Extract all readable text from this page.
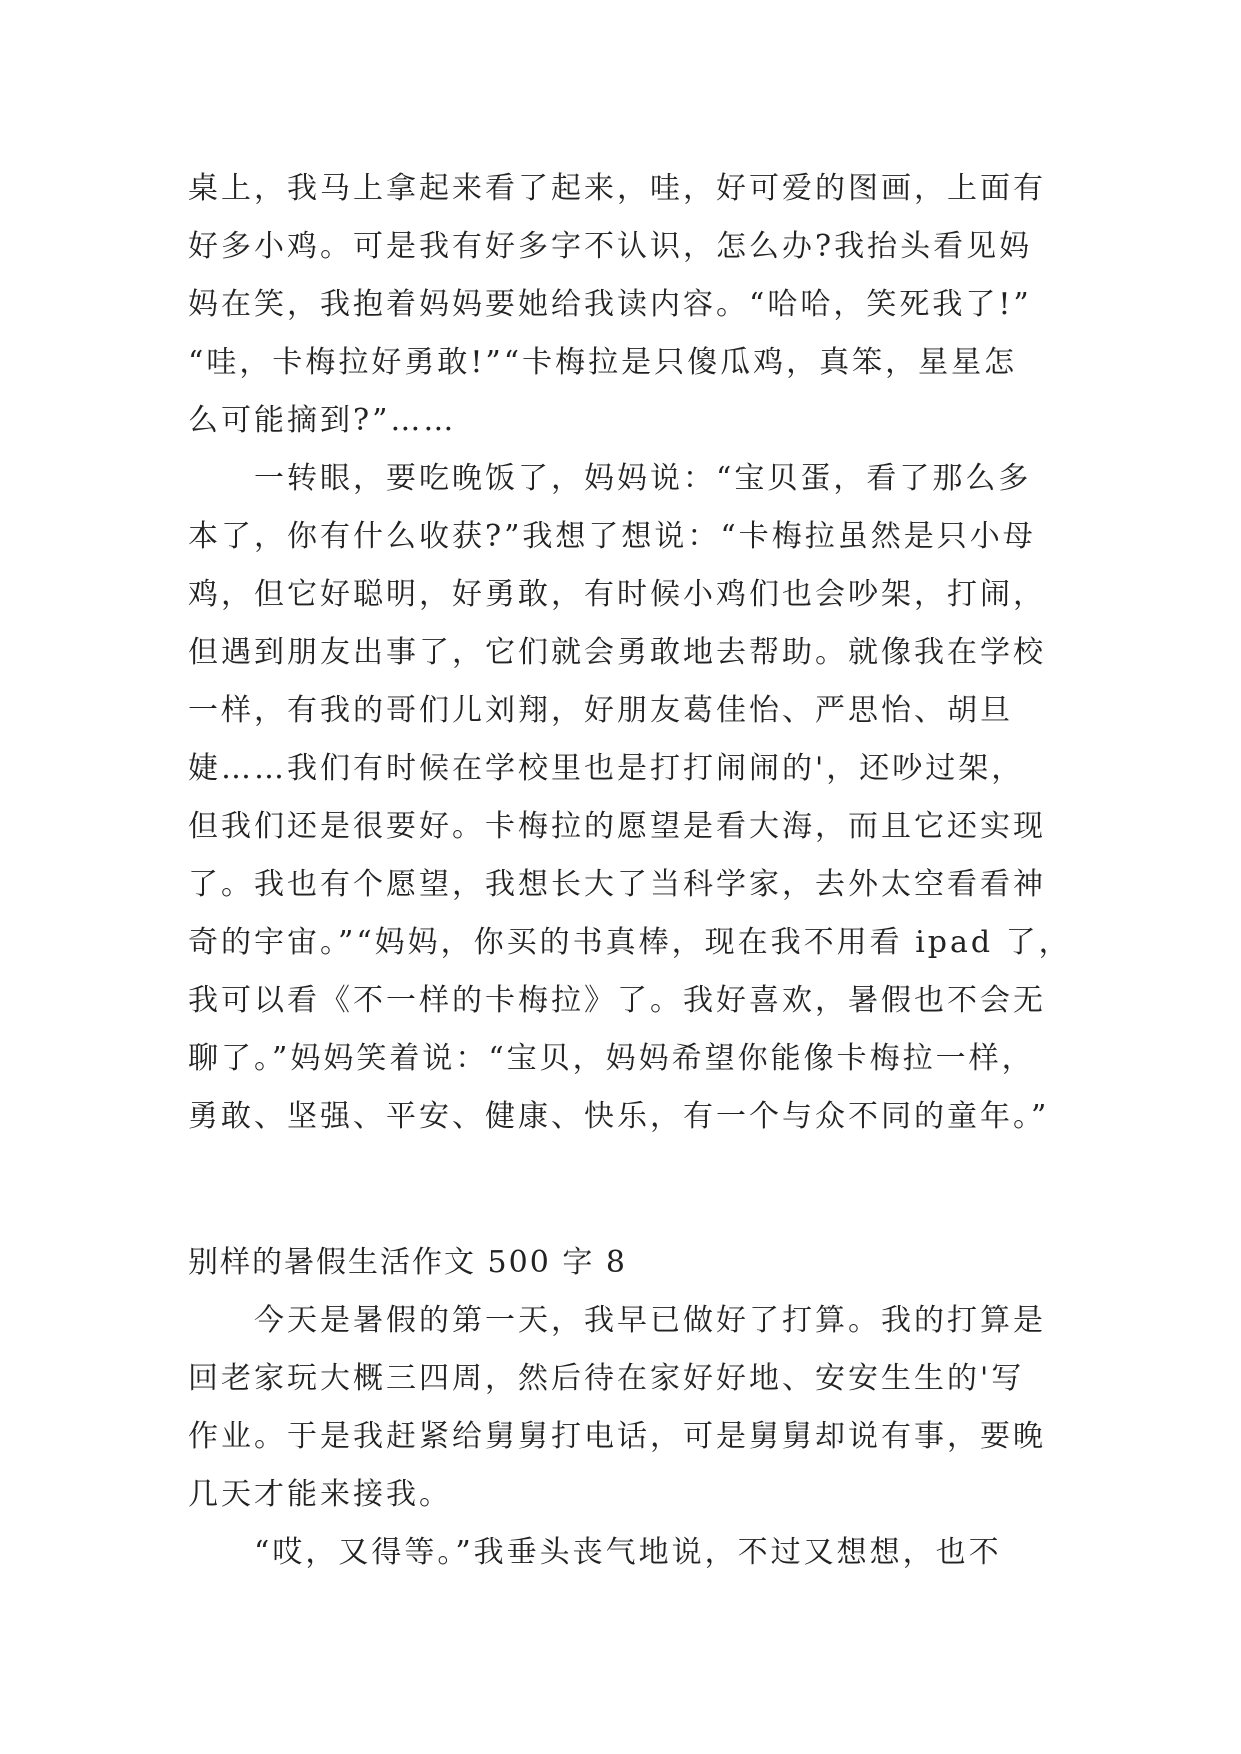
桌上，我马上拿起来看了起来，哇，好可爱的图画，上面有
好多小鸡。可是我有好多字不认识，怎么办?我抬头看见妈
妈在笑，我抱着妈妈要她给我读内容。“哈哈，笑死我了!”
“哇，卡梅拉好勇敢!”“卡梅拉是只傻瓜鸡，真笨，星星怎
么可能摘到?”……
　　一转眼，要吃晚饭了，妈妈说：“宝贝蛋，看了那么多
本了，你有什么收获?”我想了想说：“卡梅拉虽然是只小母
鸡，但它好聪明，好勇敢，有时候小鸡们也会吵架，打闹，
但遇到朋友出事了，它们就会勇敢地去帮助。就像我在学校
一样，有我的哥们儿刘翔，好朋友葛佳怡、严思怡、胡旦
婕……我们有时候在学校里也是打打闹闹的'，还吵过架，
但我们还是很要好。卡梅拉的愿望是看大海，而且它还实现
了。我也有个愿望，我想长大了当科学家，去外太空看看神
奇的宇宙。”“妈妈，你买的书真棒，现在我不用看 ipad 了，
我可以看《不一样的卡梅拉》了。我好喜欢，暑假也不会无
聊了。”妈妈笑着说：“宝贝，妈妈希望你能像卡梅拉一样，
勇敢、坚强、平安、健康、快乐，有一个与众不同的童年。”
别样的暑假生活作文 500 字 8
　　今天是暑假的第一天，我早已做好了打算。我的打算是
回老家玩大概三四周，然后待在家好好地、安安生生的'写
作业。于是我赶紧给舅舅打电话，可是舅舅却说有事，要晚
几天才能来接我。
　　“哎，又得等。”我垂头丧气地说，不过又想想，也不
